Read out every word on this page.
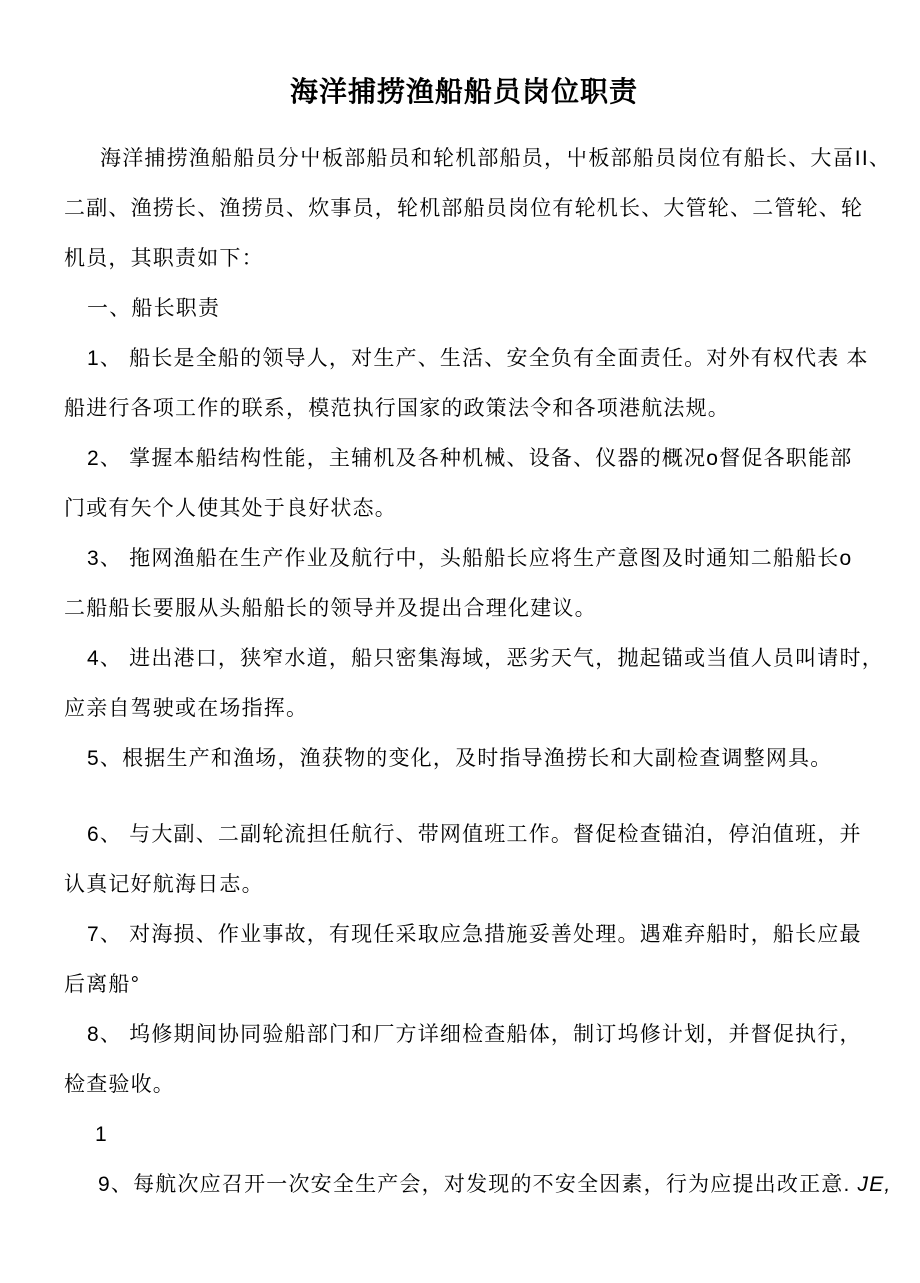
海洋捕捞渔船船员岗位职责
海洋捕捞渔船船员分屮板部船员和轮机部船员，屮板部船员岗位有船长、大畐II、
二副、渔捞长、渔捞员、炊事员，轮机部船员岗位有轮机长、大管轮、二管轮、轮
机员，其职责如下：
一、船长职责
1、 船长是全船的领导人，对生产、生活、安全负有全面责任。对外有权代表 本
船进行各项工作的联系，模范执行国家的政策法令和各项港航法规。
2、 掌握本船结构性能，主辅机及各种机械、设备、仪器的概况o督促各职能部
门或有矢个人使其处于良好状态。
3、 拖网渔船在生产作业及航行中，头船船长应将生产意图及时通知二船船长o
二船船长要服从头船船长的领导并及提出合理化建议。
4、 进出港口，狭窄水道，船只密集海域，恶劣天气，抛起锚或当值人员叫请时，
应亲自驾驶或在场指挥。
5、根据生产和渔场，渔获物的变化，及时指导渔捞长和大副检查调整网具。
6、 与大副、二副轮流担任航行、带网值班工作。督促检查锚泊，停泊值班，并
认真记好航海日志。
7、 对海损、作业事故，有现任采取应急措施妥善处理。遇难弃船时，船长应最
后离船°
8、 坞修期间协同验船部门和厂方详细检查船体，制订坞修计划，并督促执行，
检查验收。
1
9、每航次应召开一次安全生产会，对发现的不安全因素，行为应提出改正意. JE,
